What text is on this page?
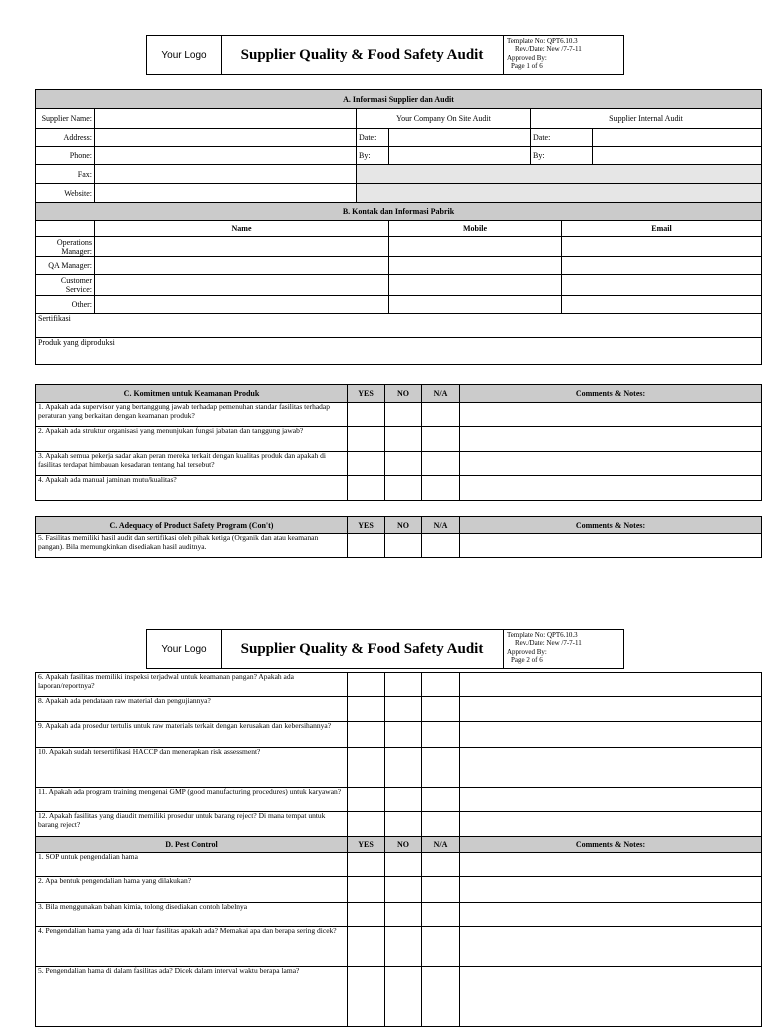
Your Logo	Supplier Quality & Food Safety Audit
Template No: QPT6.10.3
Rev./Date: New /7-7-11
Approved By:
Page 1 of 6
A. Informasi Supplier dan Audit						
Supplier Name:		Your Company On Site Audit		Supplier Internal Audit		
Address:		Date:		Date:		
Phone:		By:		By:		
Fax:						
Website:						
B. Kontak dan Informasi Pabrik						
	Name		Mobile		Email	
Operations Manager:						
QA Manager:						
Customer Service:						
Other:						
Sertifikasi						
Produk yang diproduksi						
C. Komitmen untuk Keamanan Produk	YES	NO	N/A	Comments & Notes:
1. Apakah ada supervisor yang bertanggung jawab terhadap pemenuhan standar fasilitas terhadap peraturan yang berkaitan dengan keamanan produk?				
2. Apakah ada struktur organisasi yang menunjukan fungsi jabatan dan tanggung jawab?				
3. Apakah semua pekerja sadar akan peran mereka terkait dengan kualitas produk dan apakah di fasilitas terdapat himbauan kesadaran tentang hal tersebut?				
4. Apakah ada manual jaminan mutu/kualitas?				
C. Adequacy of Product Safety Program (Con't)	YES	NO	N/A	Comments & Notes:
5. Fasilitas memiliki hasil audit dan sertifikasi oleh pihak ketiga (Organik dan atau keamanan pangan). Bila memungkinkan disediakan hasil auditnya.				
Your Logo	Supplier Quality & Food Safety Audit
Template No: QPT6.10.3
Rev./Date: New /7-7-11
Approved By:
Page 2 of 6
6. Apakah fasilitas memiliki inspeksi terjadwal untuk keamanan pangan? Apakah ada laporan/reportnya?				
8. Apakah ada pendataan raw material dan pengujiannya?				
9. Apakah ada prosedur tertulis untuk raw materials terkait dengan kerusakan dan kebersihannya?				
10. Apakah sudah tersertifikasi HACCP dan menerapkan risk assessment?				
11. Apakah ada program training mengenai GMP (good manufacturing procedures) untuk karyawan?				
12. Apakah fasilitas yang diaudit memiliki prosedur untuk barang reject? Di mana tempat untuk barang reject?				
D. Pest Control	YES	NO	N/A	Comments & Notes:
1. SOP untuk pengendalian hama				
2. Apa bentuk pengendalian hama yang dilakukan?				
3. Bila menggunakan bahan kimia, tolong disediakan contoh labelnya				
4. Pengendalian hama yang ada di luar fasilitas apakah ada? Memakai apa dan berapa sering dicek?				
5. Pengendalian hama di dalam fasilitas ada? Dicek dalam interval waktu berapa lama?				
